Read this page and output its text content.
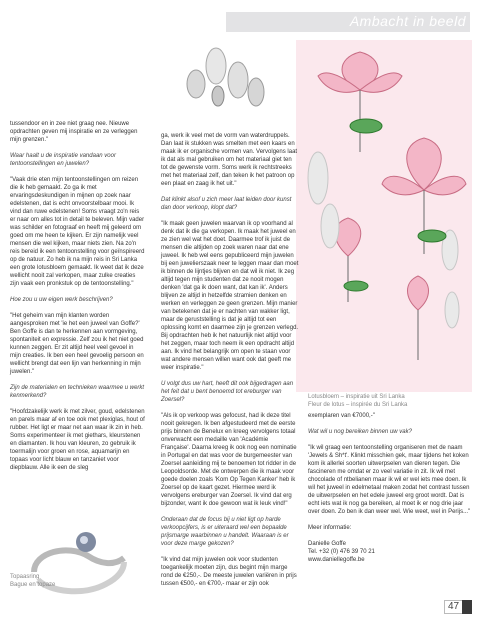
Ambacht in beeld
Lotusbloem – inspiratie uit Sri Lanka
Fleur de lotus – inspirée du Sri Lanka
Topaasring
Bague en topaze

tussendoor en in zee niet graag nee. Nieuwe opdrachten geven mij inspiratie en ze verleggen mijn grenzen."

Waar haalt u de inspiratie vandaan voor tentoonstellingen en juwelen?

"Vaak drie eten mijn tentoonstellingen om reizen die ik heb gemaakt. Zo ga ik met ervaringsdeskundigen in mijnen op zoek naar edelstenen, dat is echt onvoorstelbaar mooi. Ik vind dan ruwe edelstenen! Soms vraagt zo'n reis er naar om alles tot in detail te beleven. Mijn vader was schilder en fotograaf en heeft mij geleerd om goed om me heen te kijken. Er zijn namelijk veel mensen die wel kijken, maar niets zien. Na zo'n reis bereid ik een tentoonstelling voor geïnspireerd op de natuur. Zo heb ik na mijn reis in Sri Lanka een grote lotusbloem gemaakt. Ik weet dat ik deze wellicht nooit zal verkopen, maar zulke creaties zijn vaak een pronkstuk op de tentoonstelling."

Hoe zou u uw eigen werk beschrijven?

"Het geheim van mijn klanten worden aangesproken met 'ie het een juweel van Goffe?' Ben Goffe is dan te herkennen aan vormgeving, spontaniteit en expressie. Zelf zou ik het niet goed kunnen zeggen. Er zit altijd heel veel gevoel in mijn creaties. Ik ben een heel gevoelig persoon en wellicht brengt dat een lijn van herkenning in mijn juwelen."

Zijn de materialen en technieken waarmee u werkt kenmerkend?

"Hoofdzakelijk werk ik met zilver, goud, edelstenen en parels maar af en toe ook met plexiglas, hout of rubber. Het ligt er maar net aan waar ik zin in heb. Soms experimenteer ik met giethars, kleurstenen en diamanten. Ik hou van kleuren, zo gebruik ik toermalijn voor groen en rose, aquamarijn en topaas voor licht blauw en tanzaniet voor diepblauw. Alle ik een de sleg

ga, werk ik veel met de vorm van waterdruppels. Dan laat ik stukken was smelten met een kaars en maak ik er organische vormen van. Vervolgens laat ik dat als mal gebruiken om het materiaal giet ten tot de gewenste vorm. Soms werk ik rechtstreeks met het materiaal zelf, dan teken ik het patroon op een plaat en zaag ik het uit."

Dat klinkt alsof u zich meer laat leiden door kunst dan door verkoop, klopt dat?

"Ik maak geen juwelen waarvan ik op voorhand al denk dat ik die ga verkopen. Ik maak het juweel en ze zien wel wat het doet. Daarmee trof ik juist de mensen die altijden op zoek waren naar dat ene juweel. Ik heb wel eens gepubliceerd mijn juwelen bij een juwelierszaak neer te leggen maar dan moet ik binnen de lijntjes blijven en dat wil ik niet. Ik zeg altijd tegen mijn studenten dat ze nooit mogen denken 'dat ga ik doen want, dat kan ik'. Anders blijven ze altijd in hetzelfde stramien denken en werken en verleggen ze geen grenzen. Mijn manier van betekenen dat je er nachten van wakker ligt, maar de geruststelling is dat je altijd tot een oplossing komt en daarmee zijn je grenzen verlegd. Bij opdrachten heb ik het natuurlijk niet altijd voor het zeggen, maar toch neem ik een opdracht altijd aan. Ik vind het belangrijk om open te staan voor wat andere mensen willen want ook dat geeft me weer inspiratie."

U volgt dus uw hart, heeft dit ook bijgedragen aan het feit dat u bent benoemd tot ereburger van Zoersel?

"Als ik op verkoop was gefocust, had ik deze titel nooit gekregen. Ik ben afgestudeerd met de eerste prijs binnen de Benelux en kreeg vervolgens totaal onverwacht een medaille van 'Académie Française'. Daarna kreeg ik ook nog een nominatie in Portugal en dat was voor de burgemeester van Zoersel aanleiding mij te benoemen tot ridder in de Leopoldsorde. Met de ontwerpen die ik maak voor goede doelen zoals 'Kom Op Tegen Kanker' heb ik Zoersel op de kaart gezet. Hiermee werd ik vervolgens ereburger van Zoersel. Ik vind dat erg bijzonder, want ik doe gewoon wat ik leuk vind!"

Onderaan dat de focus bij u niet ligt op harde verkoopcijfers, is er uiteraard wel een bepaalde prijsmarge waarbinnen u handelt. Waaraan is er voor deze marge gekozen?

"Ik vind dat mijn juwelen ook voor studenten toegankelijk moeten zijn, dus begint mijn marge rond de €250,-. De meeste juwelen variëren in prijs tussen €500,- en €700,- maar er zijn ook

exemplaren van €7000,-"

Wat wil u nog bereiken binnen uw vak?

"Ik wil graag een tentoonstelling organiseren met de naam 'Jewels & Sh*t'. Klinkt misschien gek, maar tijdens het koken kom ik allerlei soorten uitwerpselen van dieren tegen. Die fascineren me omdat er zo veel variatie in zit. Ik wil met chocolade of ntbelianen maar ik wil er wel iets mee doen. Ik wil het juweel in edelmetaal maken zodat het contrast tussen de uitwerpselen en het edele juweel erg groot wordt. Dat is echt iets wat ik nog ga bereiken, al moet ik er nog drie jaar over doen. Zo ben ik dan weer wel. Wie weet, wel in Perijs..."

Meer informatie:

Danielle Goffe

Tel. +32 (0) 476 39 70 21

www.daniellegoffe.be

47
